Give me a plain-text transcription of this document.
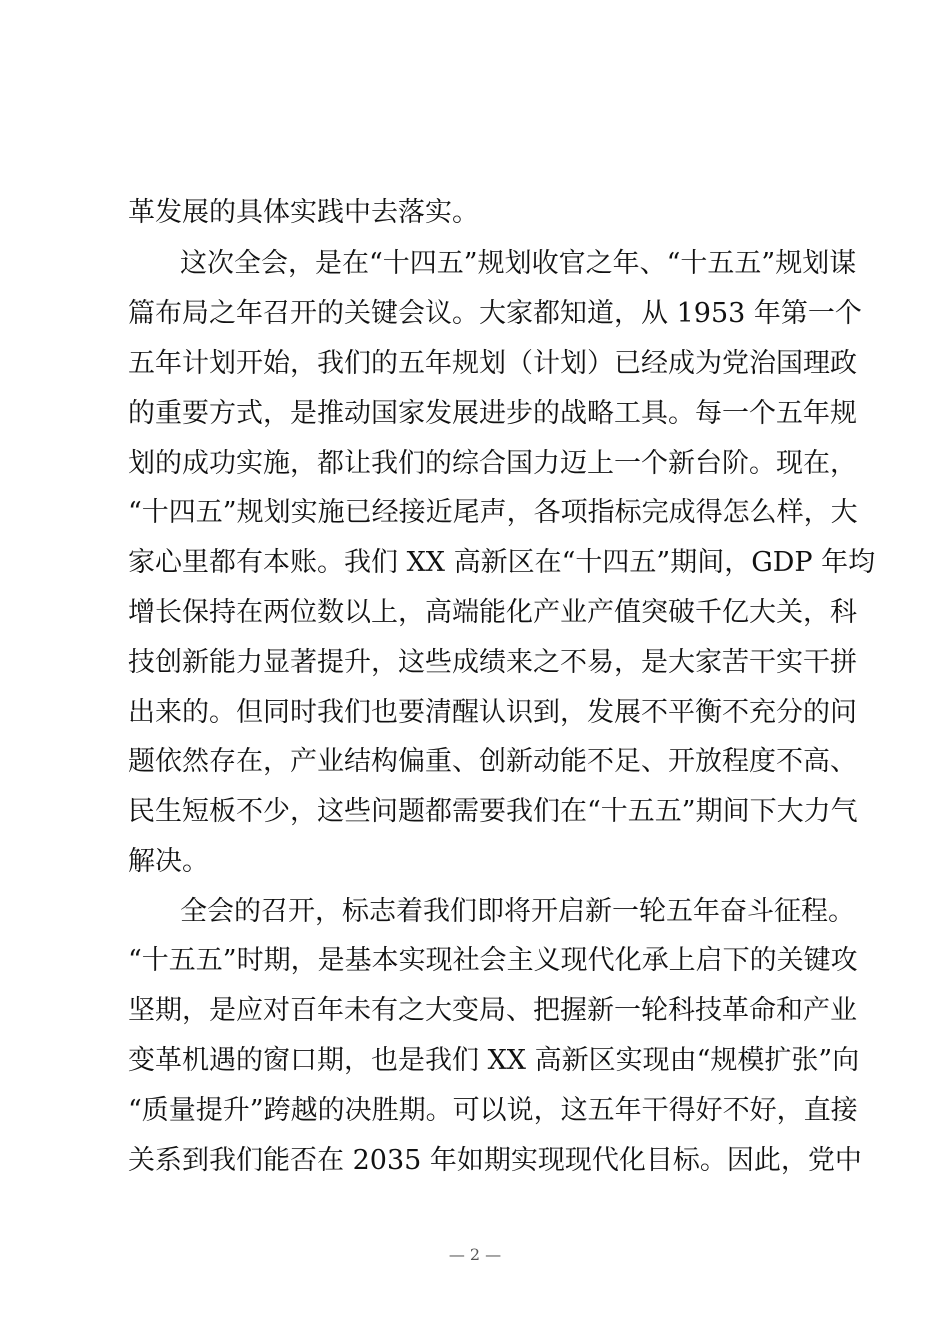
革发展的具体实践中去落实。
这次全会，是在“十四五”规划收官之年、“十五五”规划谋
篇布局之年召开的关键会议。大家都知道，从 1953 年第一个
五年计划开始，我们的五年规划（计划）已经成为党治国理政
的重要方式，是推动国家发展进步的战略工具。每一个五年规
划的成功实施，都让我们的综合国力迈上一个新台阶。现在，
“十四五”规划实施已经接近尾声，各项指标完成得怎么样，大
家心里都有本账。我们 XX 高新区在“十四五”期间，GDP 年均
增长保持在两位数以上，高端能化产业产值突破千亿大关，科
技创新能力显著提升，这些成绩来之不易，是大家苦干实干拼
出来的。但同时我们也要清醒认识到，发展不平衡不充分的问
题依然存在，产业结构偏重、创新动能不足、开放程度不高、
民生短板不少，这些问题都需要我们在“十五五”期间下大力气
解决。
全会的召开，标志着我们即将开启新一轮五年奋斗征程。
“十五五”时期，是基本实现社会主义现代化承上启下的关键攻
坚期，是应对百年未有之大变局、把握新一轮科技革命和产业
变革机遇的窗口期，也是我们 XX 高新区实现由“规模扩张”向
“质量提升”跨越的决胜期。可以说，这五年干得好不好，直接
关系到我们能否在 2035 年如期实现现代化目标。因此，党中
— 2 —
